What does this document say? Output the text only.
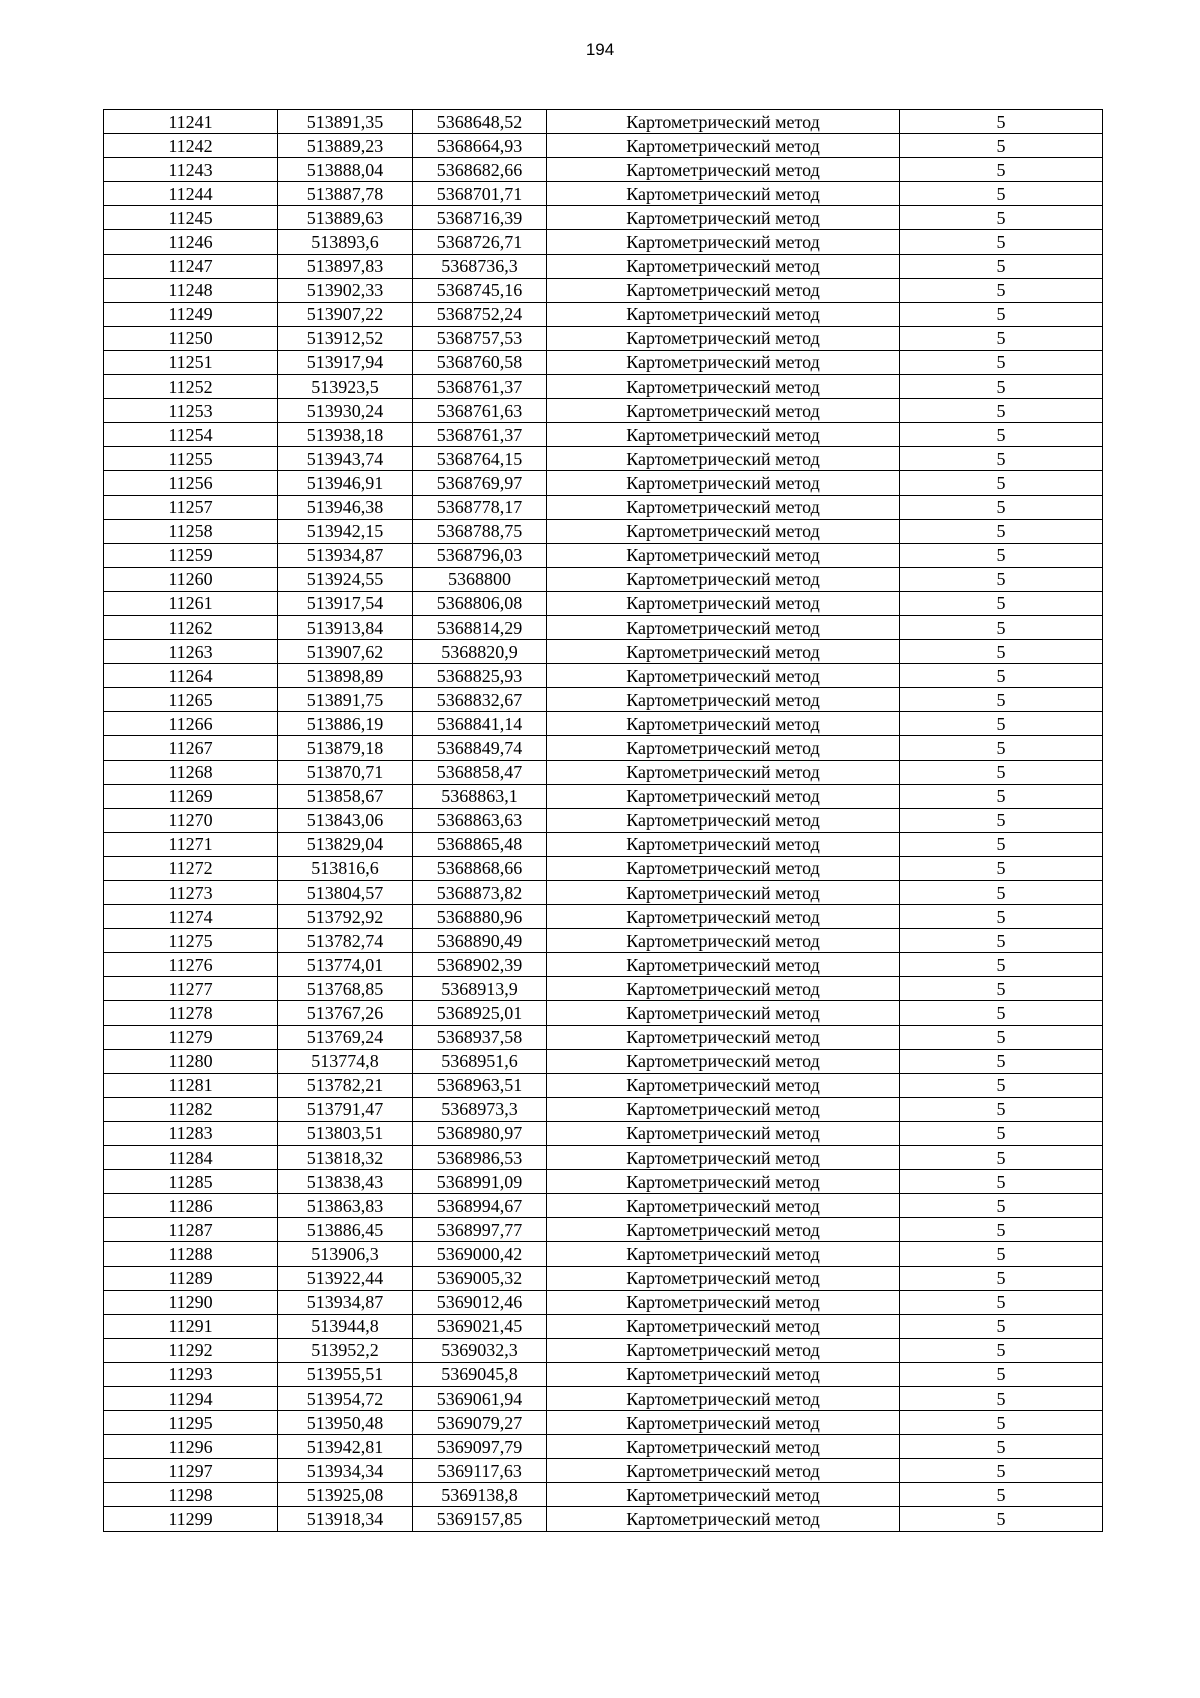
194
11241	513891,35	5368648,52	Картометрический метод	5
11242	513889,23	5368664,93	Картометрический метод	5
11243	513888,04	5368682,66	Картометрический метод	5
11244	513887,78	5368701,71	Картометрический метод	5
11245	513889,63	5368716,39	Картометрический метод	5
11246	513893,6	5368726,71	Картометрический метод	5
11247	513897,83	5368736,3	Картометрический метод	5
11248	513902,33	5368745,16	Картометрический метод	5
11249	513907,22	5368752,24	Картометрический метод	5
11250	513912,52	5368757,53	Картометрический метод	5
11251	513917,94	5368760,58	Картометрический метод	5
11252	513923,5	5368761,37	Картометрический метод	5
11253	513930,24	5368761,63	Картометрический метод	5
11254	513938,18	5368761,37	Картометрический метод	5
11255	513943,74	5368764,15	Картометрический метод	5
11256	513946,91	5368769,97	Картометрический метод	5
11257	513946,38	5368778,17	Картометрический метод	5
11258	513942,15	5368788,75	Картометрический метод	5
11259	513934,87	5368796,03	Картометрический метод	5
11260	513924,55	5368800	Картометрический метод	5
11261	513917,54	5368806,08	Картометрический метод	5
11262	513913,84	5368814,29	Картометрический метод	5
11263	513907,62	5368820,9	Картометрический метод	5
11264	513898,89	5368825,93	Картометрический метод	5
11265	513891,75	5368832,67	Картометрический метод	5
11266	513886,19	5368841,14	Картометрический метод	5
11267	513879,18	5368849,74	Картометрический метод	5
11268	513870,71	5368858,47	Картометрический метод	5
11269	513858,67	5368863,1	Картометрический метод	5
11270	513843,06	5368863,63	Картометрический метод	5
11271	513829,04	5368865,48	Картометрический метод	5
11272	513816,6	5368868,66	Картометрический метод	5
11273	513804,57	5368873,82	Картометрический метод	5
11274	513792,92	5368880,96	Картометрический метод	5
11275	513782,74	5368890,49	Картометрический метод	5
11276	513774,01	5368902,39	Картометрический метод	5
11277	513768,85	5368913,9	Картометрический метод	5
11278	513767,26	5368925,01	Картометрический метод	5
11279	513769,24	5368937,58	Картометрический метод	5
11280	513774,8	5368951,6	Картометрический метод	5
11281	513782,21	5368963,51	Картометрический метод	5
11282	513791,47	5368973,3	Картометрический метод	5
11283	513803,51	5368980,97	Картометрический метод	5
11284	513818,32	5368986,53	Картометрический метод	5
11285	513838,43	5368991,09	Картометрический метод	5
11286	513863,83	5368994,67	Картометрический метод	5
11287	513886,45	5368997,77	Картометрический метод	5
11288	513906,3	5369000,42	Картометрический метод	5
11289	513922,44	5369005,32	Картометрический метод	5
11290	513934,87	5369012,46	Картометрический метод	5
11291	513944,8	5369021,45	Картометрический метод	5
11292	513952,2	5369032,3	Картометрический метод	5
11293	513955,51	5369045,8	Картометрический метод	5
11294	513954,72	5369061,94	Картометрический метод	5
11295	513950,48	5369079,27	Картометрический метод	5
11296	513942,81	5369097,79	Картометрический метод	5
11297	513934,34	5369117,63	Картометрический метод	5
11298	513925,08	5369138,8	Картометрический метод	5
11299	513918,34	5369157,85	Картометрический метод	5
